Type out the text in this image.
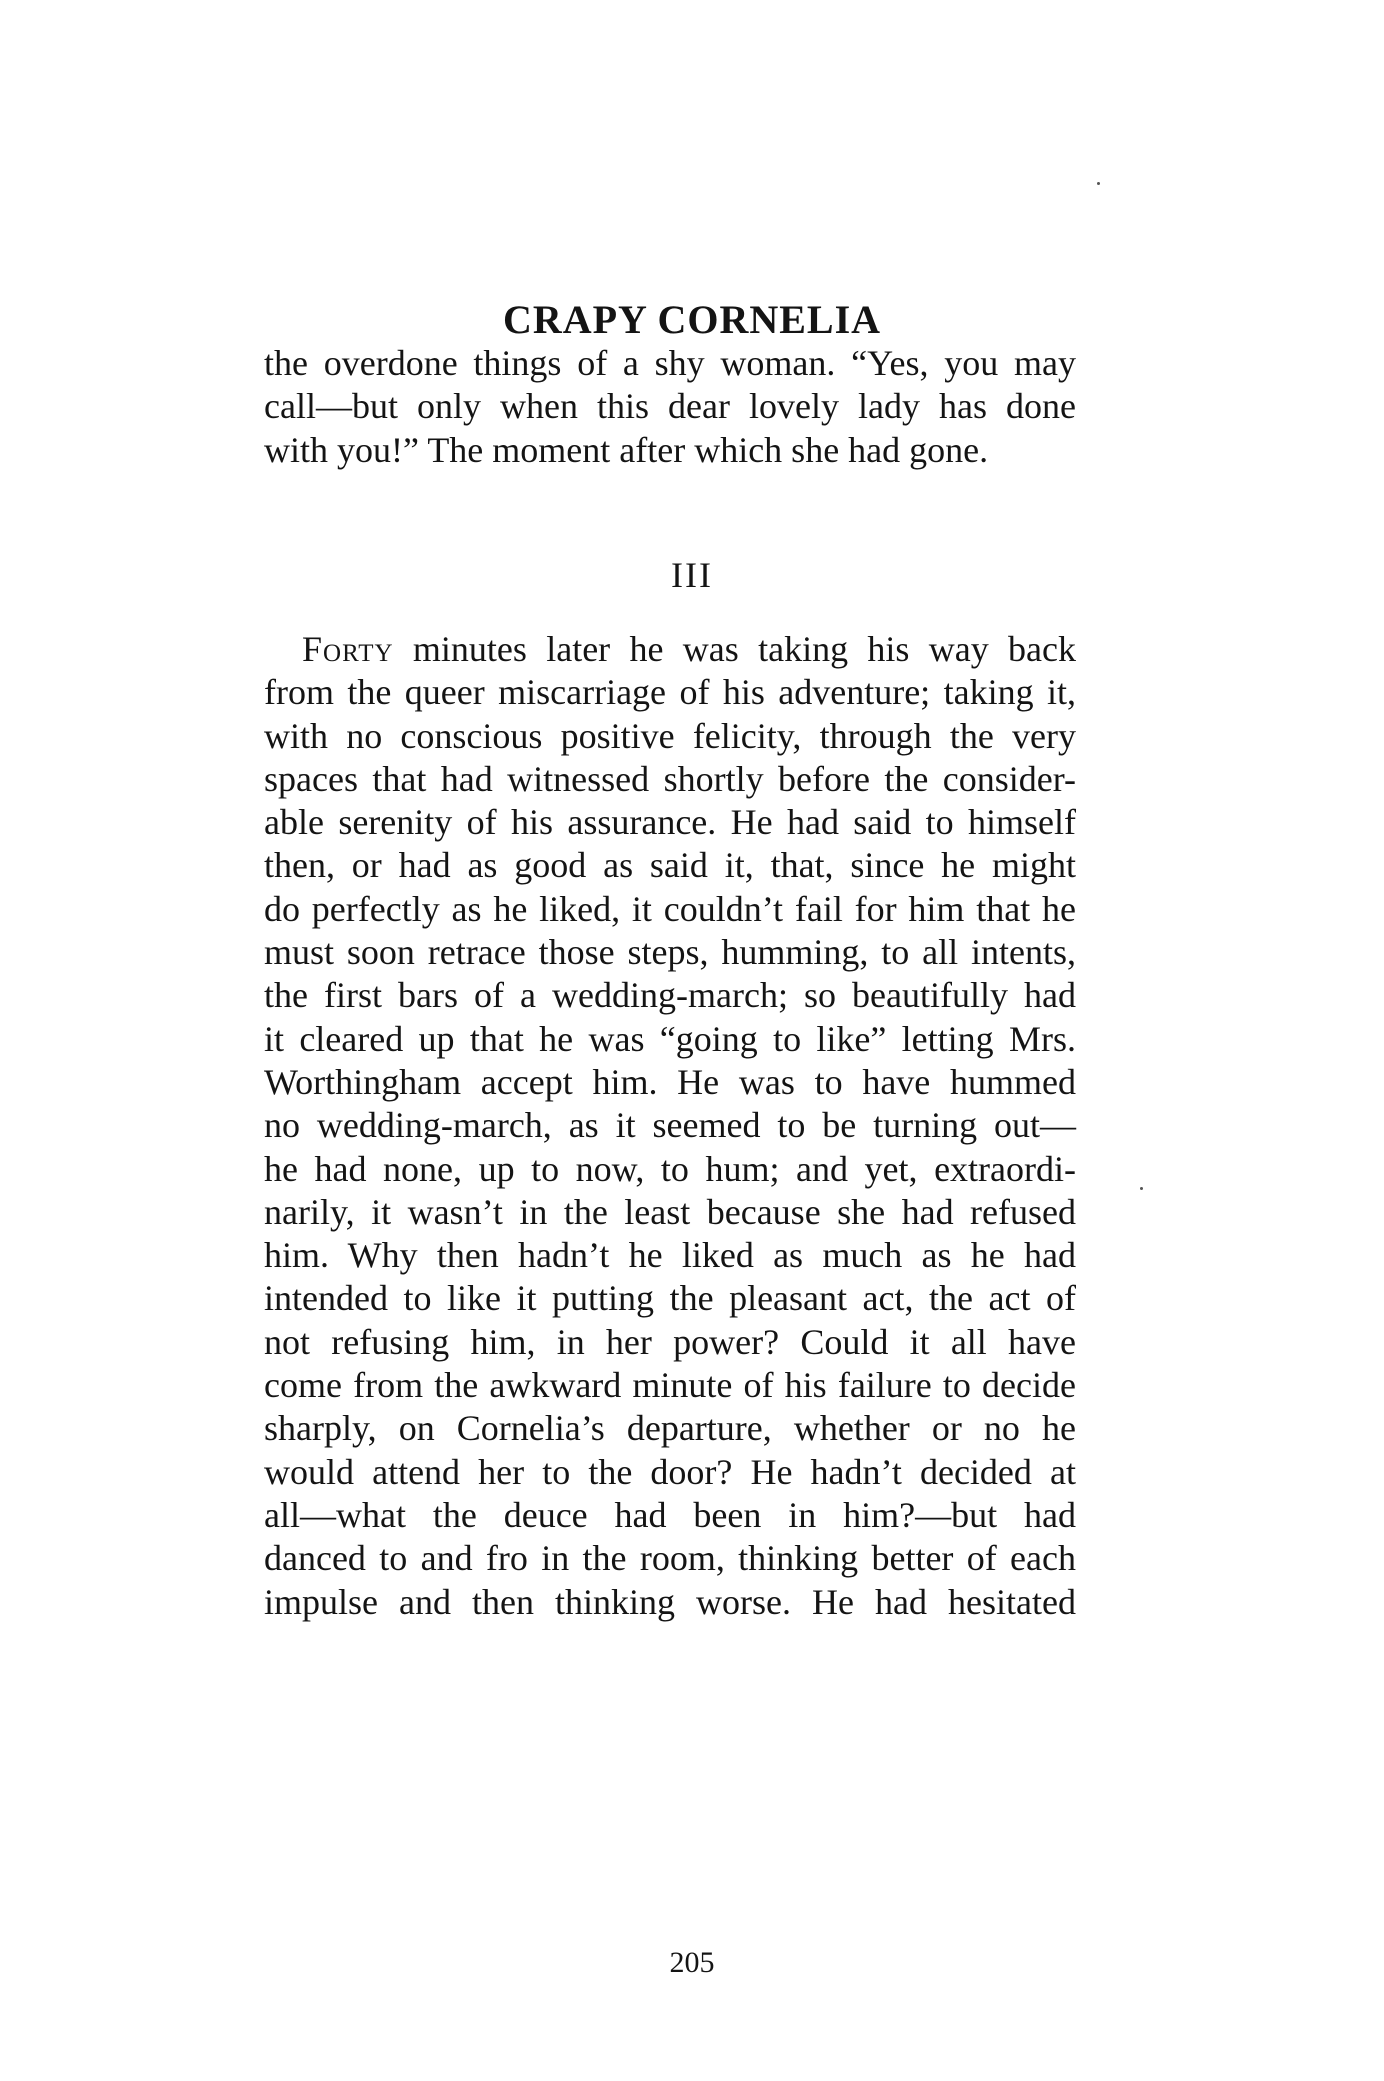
CRAPY CORNELIA
the overdone things of a shy woman. “Yes, you may
call—but only when this dear lovely lady has done
with you!” The moment after which she had gone.
III
Forty minutes later he was taking his way back
from the queer miscarriage of his adventure; taking it,
with no conscious positive felicity, through the very
spaces that had witnessed shortly before the consider-
able serenity of his assurance. He had said to himself
then, or had as good as said it, that, since he might
do perfectly as he liked, it couldn’t fail for him that he
must soon retrace those steps, humming, to all intents,
the first bars of a wedding-march; so beautifully had
it cleared up that he was “going to like” letting Mrs.
Worthingham accept him. He was to have hummed
no wedding-march, as it seemed to be turning out—
he had none, up to now, to hum; and yet, extraordi-
narily, it wasn’t in the least because she had refused
him. Why then hadn’t he liked as much as he had
intended to like it putting the pleasant act, the act of
not refusing him, in her power? Could it all have
come from the awkward minute of his failure to decide
sharply, on Cornelia’s departure, whether or no he
would attend her to the door? He hadn’t decided at
all—what the deuce had been in him?—but had
danced to and fro in the room, thinking better of each
impulse and then thinking worse. He had hesitated
205
